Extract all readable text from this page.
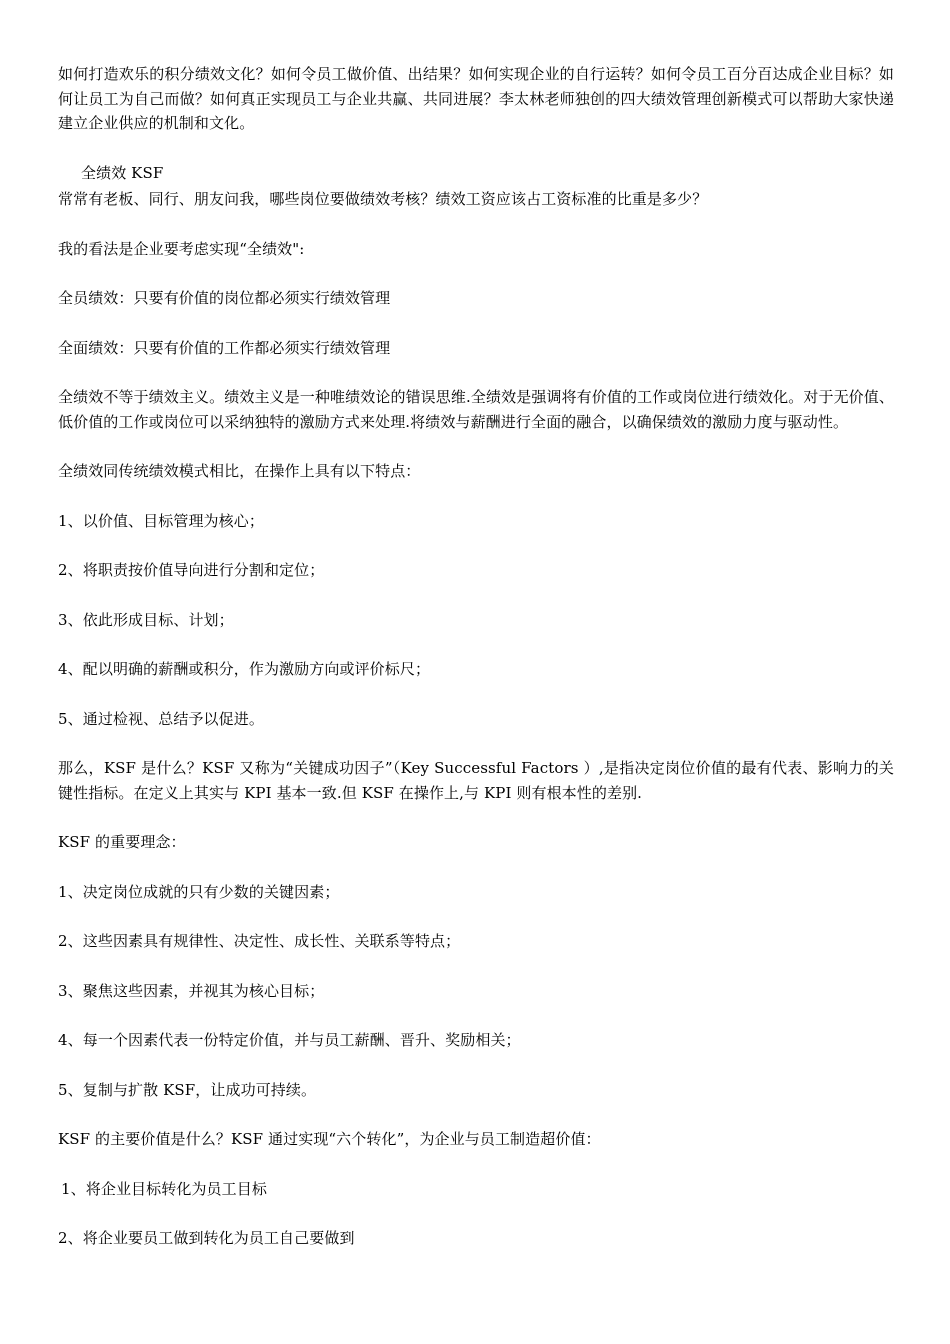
如何打造欢乐的积分绩效文化？如何令员工做价值、出结果？如何实现企业的自行运转？如何令员工百分百达成企业目标？如何让员工为自己而做？如何真正实现员工与企业共赢、共同进展？李太林老师独创的四大绩效管理创新模式可以帮助大家快递建立企业供应的机制和文化。

全绩效 KSF

常常有老板、同行、朋友问我，哪些岗位要做绩效考核？绩效工资应该占工资标准的比重是多少？

我的看法是企业要考虑实现“全绩效":

全员绩效：只要有价值的岗位都必须实行绩效管理

全面绩效：只要有价值的工作都必须实行绩效管理

全绩效不等于绩效主义。绩效主义是一种唯绩效论的错误思维.全绩效是强调将有价值的工作或岗位进行绩效化。对于无价值、低价值的工作或岗位可以采纳独特的激励方式来处理.将绩效与薪酬进行全面的融合，以确保绩效的激励力度与驱动性。

全绩效同传统绩效模式相比，在操作上具有以下特点：

1、以价值、目标管理为核心；

2、将职责按价值导向进行分割和定位；

3、依此形成目标、计划；

4、配以明确的薪酬或积分，作为激励方向或评价标尺；

5、通过检视、总结予以促进。

那么，KSF 是什么？KSF 又称为“关键成功因子”（Key Successful Factors ）,是指决定岗位价值的最有代表、影响力的关键性指标。在定义上其实与 KPI 基本一致.但 KSF 在操作上,与 KPI 则有根本性的差别.

KSF 的重要理念：

1、决定岗位成就的只有少数的关键因素；

2、这些因素具有规律性、决定性、成长性、关联系等特点；

3、聚焦这些因素，并视其为核心目标；

4、每一个因素代表一份特定价值，并与员工薪酬、晋升、奖励相关；

5、复制与扩散 KSF，让成功可持续。

KSF 的主要价值是什么？KSF 通过实现“六个转化”，为企业与员工制造超价值：

1、将企业目标转化为员工目标

2、将企业要员工做到转化为员工自己要做到
